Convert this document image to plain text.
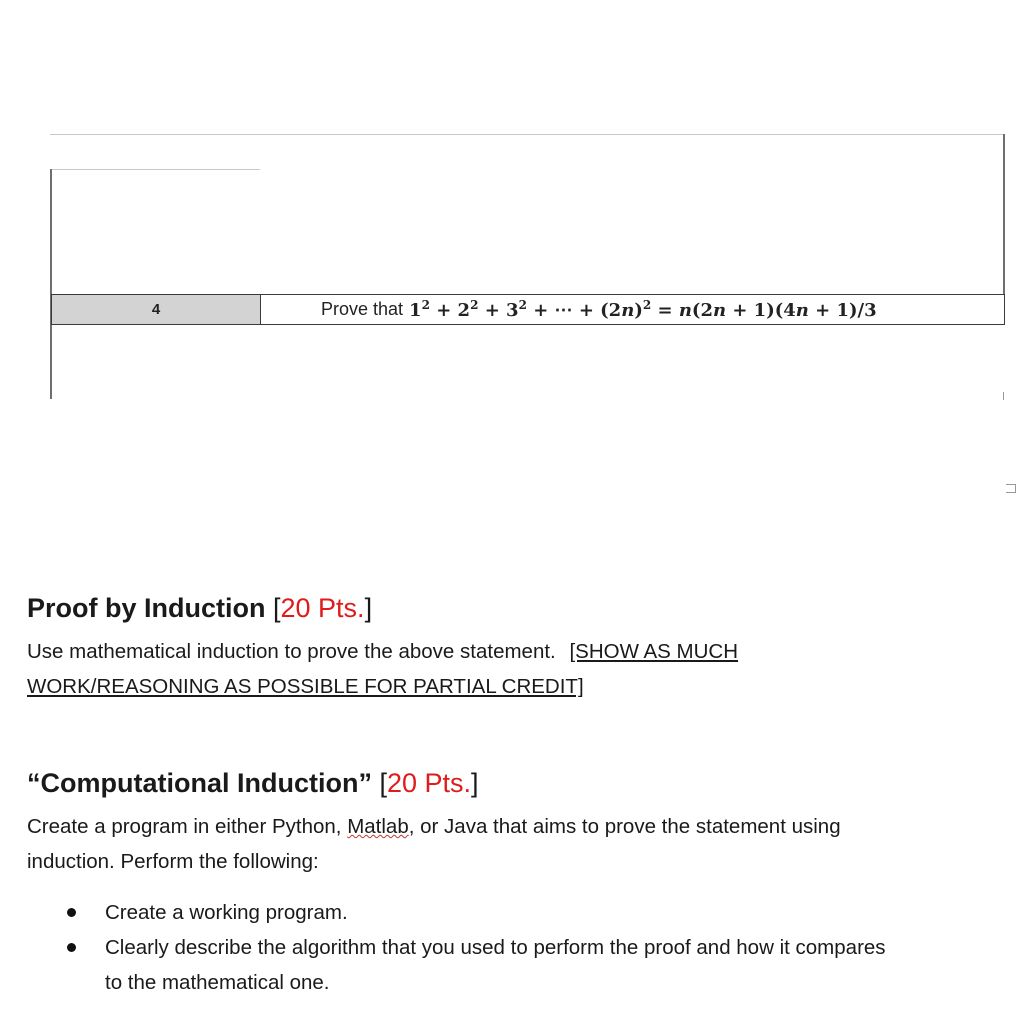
4	Prove that $1^2 + 2^2 + 3^2$ + ⋯ + $(2n)^2 = n(2n + 1)(4n + 1)/3$
Proof by Induction [20 Pts.]
Use mathematical induction to prove the above statement. [SHOW AS MUCH
WORK/REASONING AS POSSIBLE FOR PARTIAL CREDIT]
“Computational Induction” [20 Pts.]
Create a program in either Python, Matlab, or Java that aims to prove the statement using
induction. Perform the following:
Create a working program.
Clearly describe the algorithm that you used to perform the proof and how it compares
to the mathematical one.
